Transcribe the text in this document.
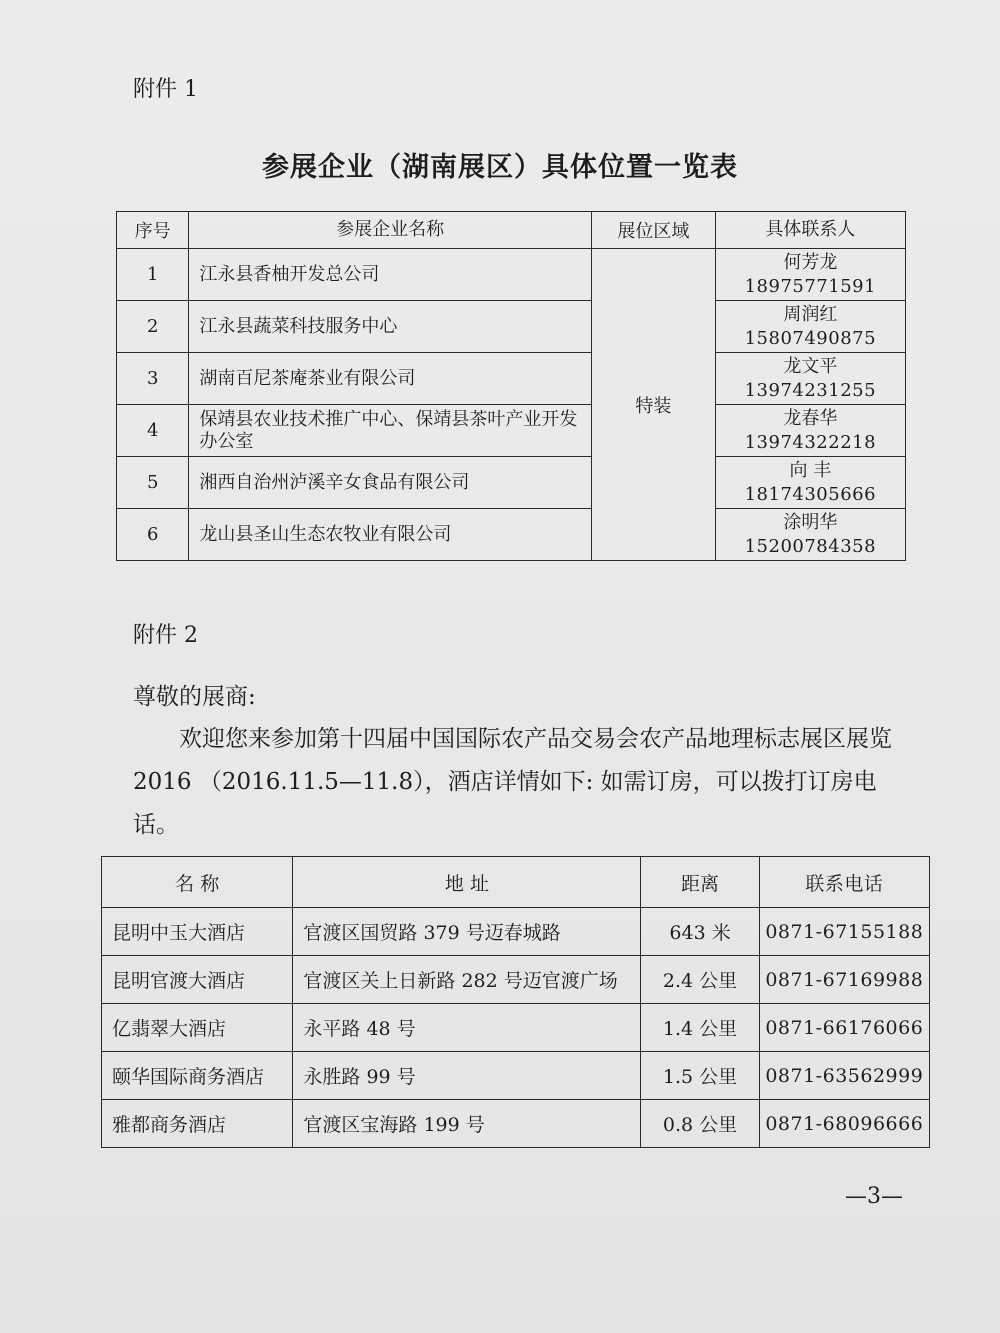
附件 1
参展企业（湖南展区）具体位置一览表
序号	参展企业名称	展位区域	具体联系人
1	江永县香柚开发总公司	特装	何芳龙
18975771591

2	江永县蔬菜科技服务中心		周润红
15807490875

3	湖南百尼茶庵茶业有限公司		龙文平
13974231255

4	保靖县农业技术推广中心、保靖县茶叶产业开发办公室		龙春华
13974322218

5	湘西自治州泸溪辛女食品有限公司		向 丰
18174305666

6	龙山县圣山生态农牧业有限公司		涂明华
15200784358
附件 2
尊敬的展商:
欢迎您来参加第十四届中国国际农产品交易会农产品地理标志展区展览 2016 （2016.11.5—11.8），酒店详情如下: 如需订房，可以拨打订房电话。
名 称	地 址	距离	联系电话
昆明中玉大酒店	官渡区国贸路 379 号迈春城路	643 米	0871-67155188
昆明官渡大酒店	官渡区关上日新路 282 号迈官渡广场	2.4 公里	0871-67169988
亿翡翠大酒店	永平路 48 号	1.4 公里	0871-66176066
颐华国际商务酒店	永胜路 99 号	1.5 公里	0871-63562999
雅都商务酒店	官渡区宝海路 199 号	0.8 公里	0871-68096666
—3—
